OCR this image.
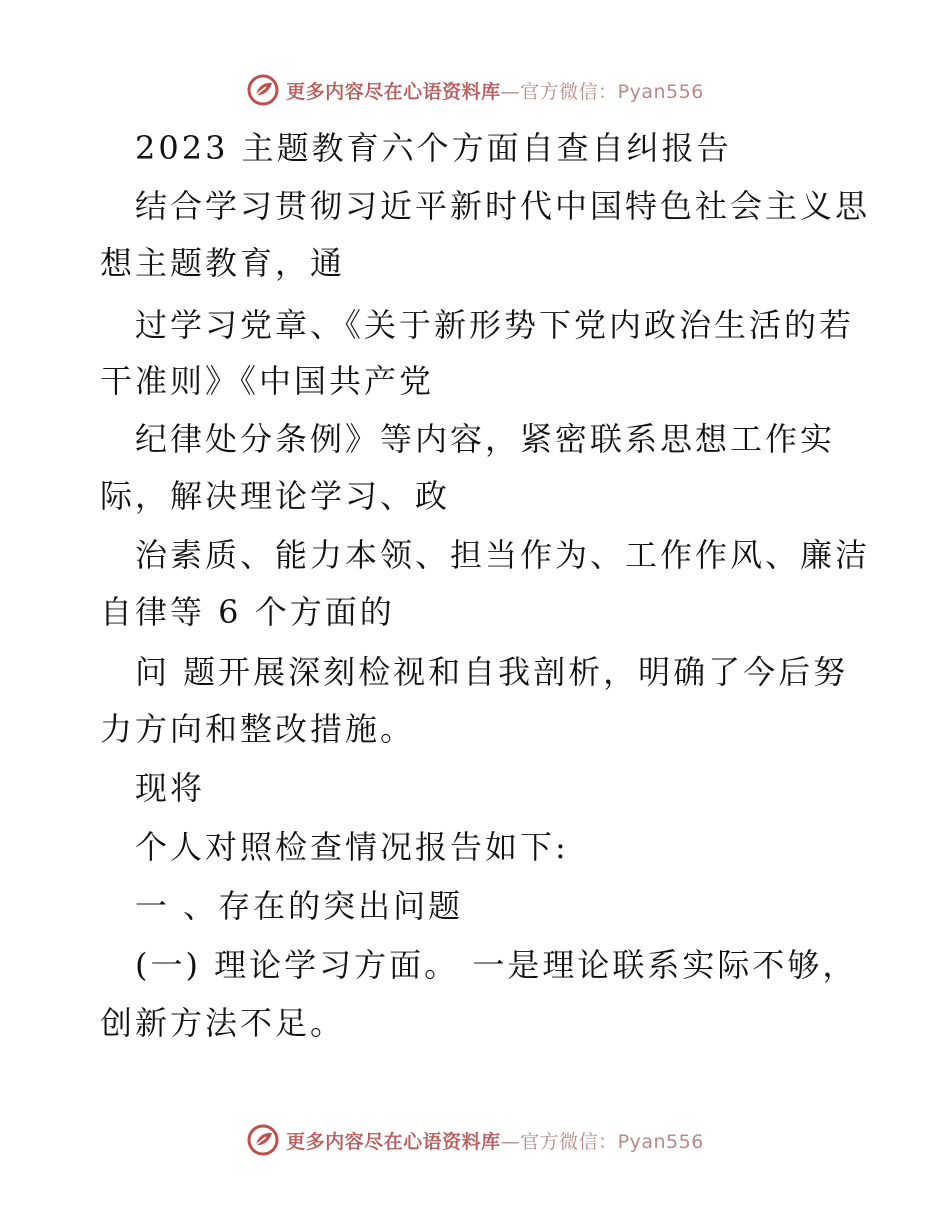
更多内容尽在心语资料库—官方微信：Pyan556
2023 主题教育六个方面自查自纠报告
结合学习贯彻习近平新时代中国特色社会主义思
想主题教育，通
过学习党章、《关于新形势下党内政治生活的若
干准则》《中国共产党
纪律处分条例》等内容，紧密联系思想工作实
际，解决理论学习、政
治素质、能力本领、担当作为、工作作风、廉洁
自律等 6 个方面的
问 题开展深刻检视和自我剖析，明确了今后努
力方向和整改措施。
现将
个人对照检查情况报告如下:
一 、存在的突出问题
(一) 理论学习方面。 一是理论联系实际不够，
创新方法不足。
更多内容尽在心语资料库—官方微信：Pyan556
